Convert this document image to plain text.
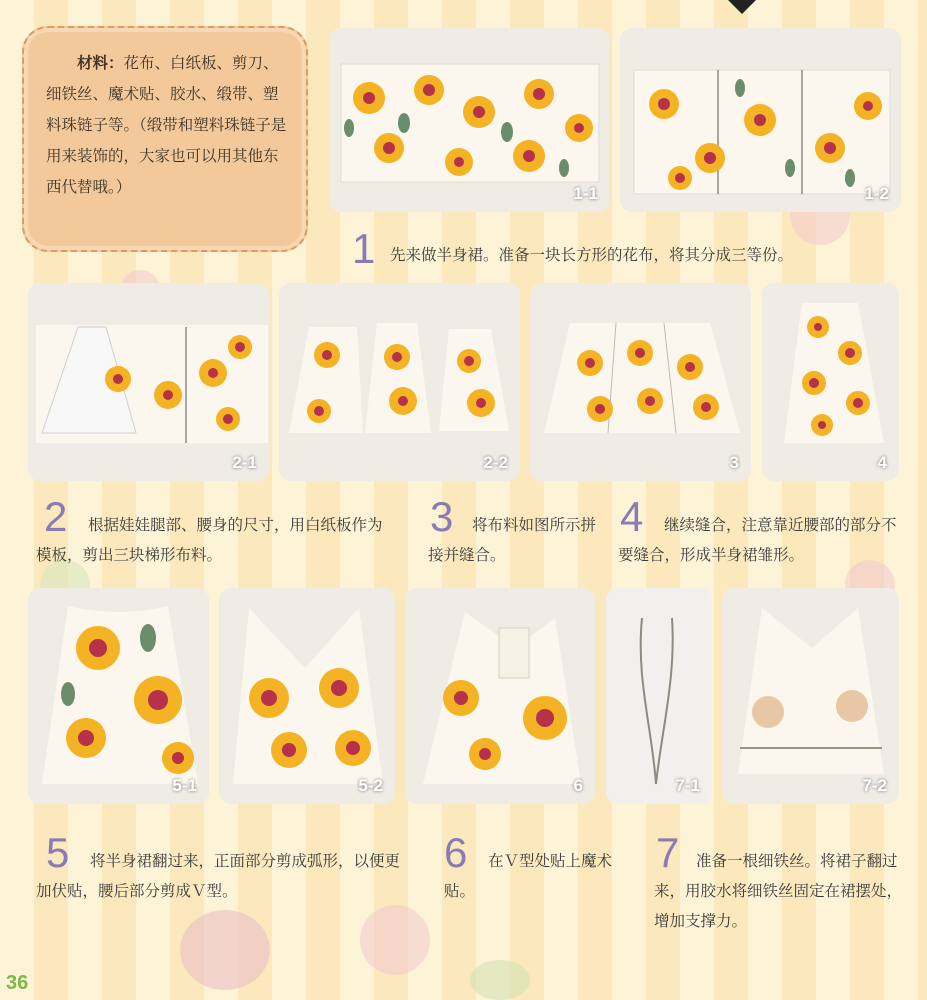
材料：花布、白纸板、剪刀、细铁丝、魔术贴、胶水、缎带、塑料珠链子等。（缎带和塑料珠链子是用来装饰的，大家也可以用其他东西代替哦。）	1-1	1-2
2-1	2-2	3	4
5-1	5-2	6	7-1	7-2
1 先来做半身裙。准备一块长方形的花布，将其分成三等份。
2	根据娃娃腿部、腰身的尺寸，用白纸板作为模板，剪出三块梯形布料。
3	将布料如图所示拼接并缝合。
4	继续缝合，注意靠近腰部的部分不要缝合，形成半身裙雏形。
5	将半身裙翻过来，正面部分剪成弧形，以便更加伏贴，腰后部分剪成Ｖ型。
6	在Ｖ型处贴上魔术贴。
7	准备一根细铁丝。将裙子翻过来，用胶水将细铁丝固定在裙摆处，增加支撑力。
36
